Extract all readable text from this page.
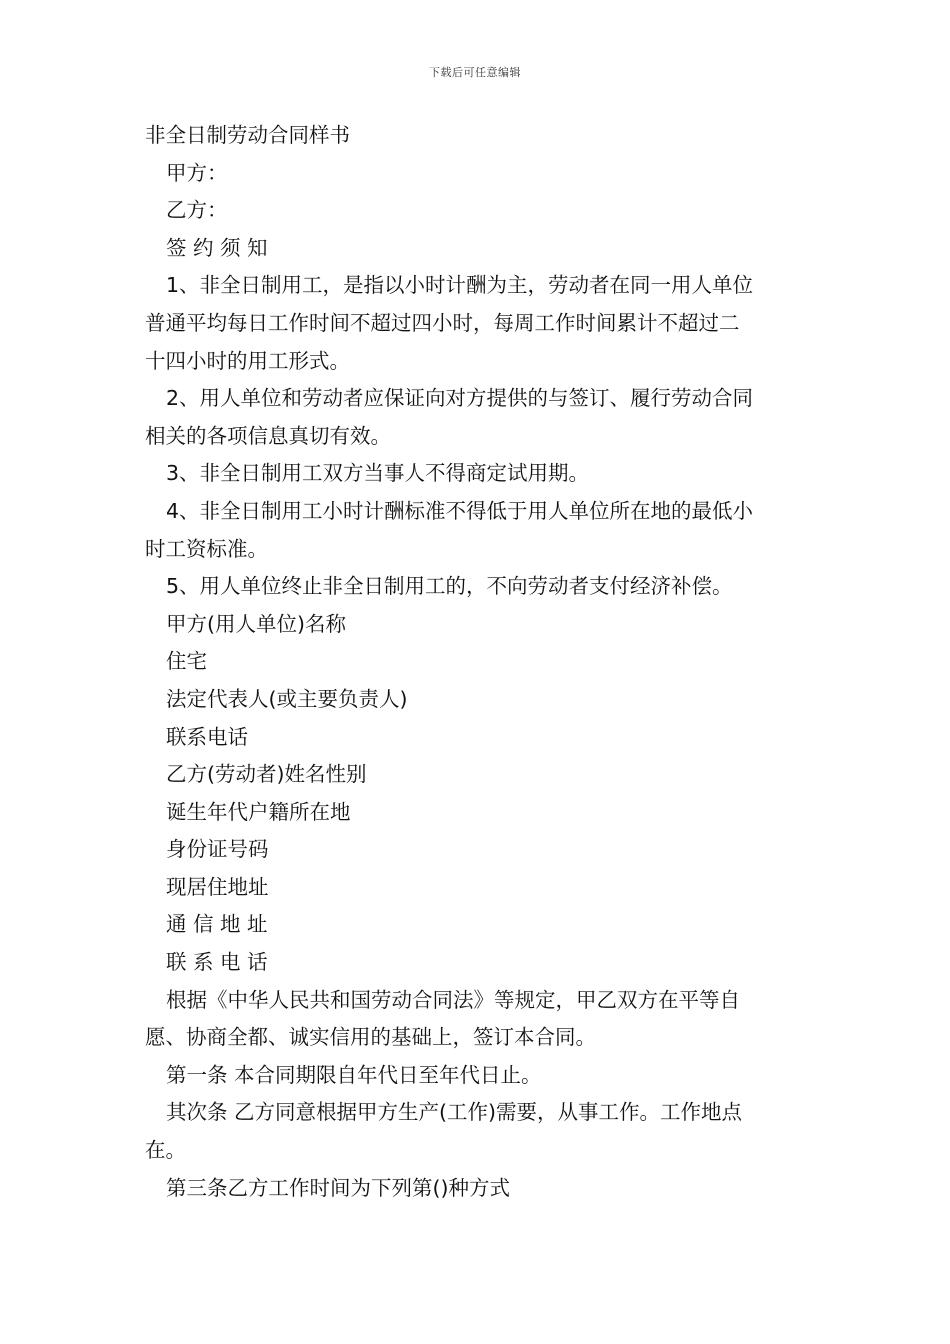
下载后可任意编辑
非全日制劳动合同样书
甲方：
乙方：
签 约 须 知
1、非全日制用工，是指以小时计酬为主，劳动者在同一用人单位
普通平均每日工作时间不超过四小时，每周工作时间累计不超过二
十四小时的用工形式。
2、用人单位和劳动者应保证向对方提供的与签订、履行劳动合同
相关的各项信息真切有效。
3、非全日制用工双方当事人不得商定试用期。
4、非全日制用工小时计酬标准不得低于用人单位所在地的最低小
时工资标准。
5、用人单位终止非全日制用工的，不向劳动者支付经济补偿。
甲方(用人单位)名称
住宅
法定代表人(或主要负责人)
联系电话
乙方(劳动者)姓名性别
诞生年代户籍所在地
身份证号码
现居住地址
通 信 地 址
联 系 电 话
根据《中华人民共和国劳动合同法》等规定，甲乙双方在平等自
愿、协商全都、诚实信用的基础上，签订本合同。
第一条 本合同期限自年代日至年代日止。
其次条 乙方同意根据甲方生产(工作)需要，从事工作。工作地点
在。
第三条乙方工作时间为下列第()种方式
